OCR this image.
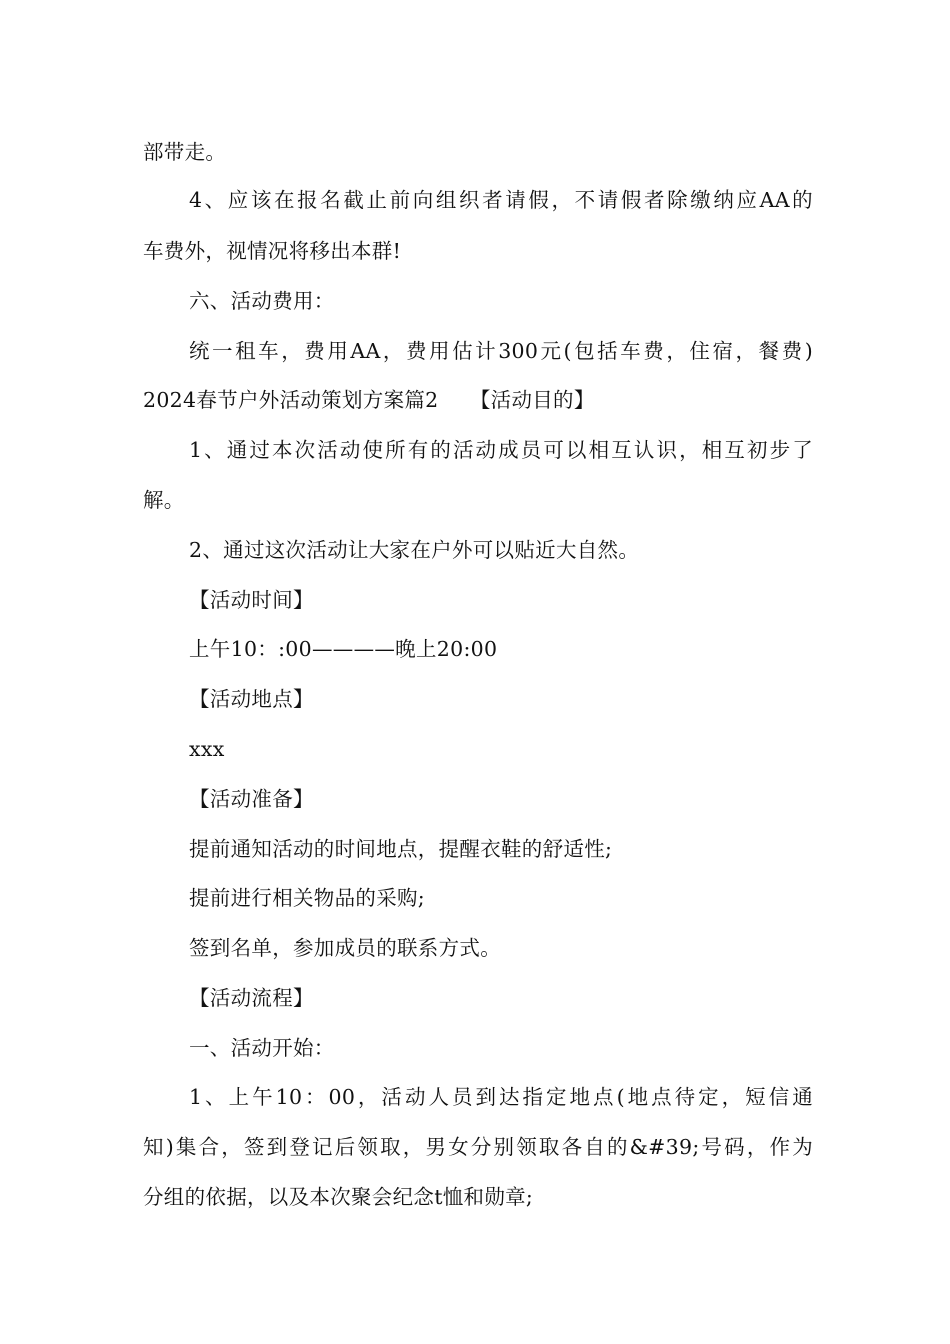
部带走。
4、应该在报名截止前向组织者请假，不请假者除缴纳应AA的
车费外，视情况将移出本群!
六、活动费用：
统一租车，费用AA，费用估计300元(包括车费，住宿，餐费)
2024春节户外活动策划方案篇2　　【活动目的】
1、通过本次活动使所有的活动成员可以相互认识，相互初步了
解。
2、通过这次活动让大家在户外可以贴近大自然。
【活动时间】
上午10：:00————晚上20:00
【活动地点】
xxx
【活动准备】
提前通知活动的时间地点，提醒衣鞋的舒适性;
提前进行相关物品的采购;
签到名单，参加成员的联系方式。
【活动流程】
一、活动开始：
1、上午10：00，活动人员到达指定地点(地点待定，短信通
知)集合，签到登记后领取，男女分别领取各自的&#39;号码，作为
分组的依据，以及本次聚会纪念t恤和勋章;
